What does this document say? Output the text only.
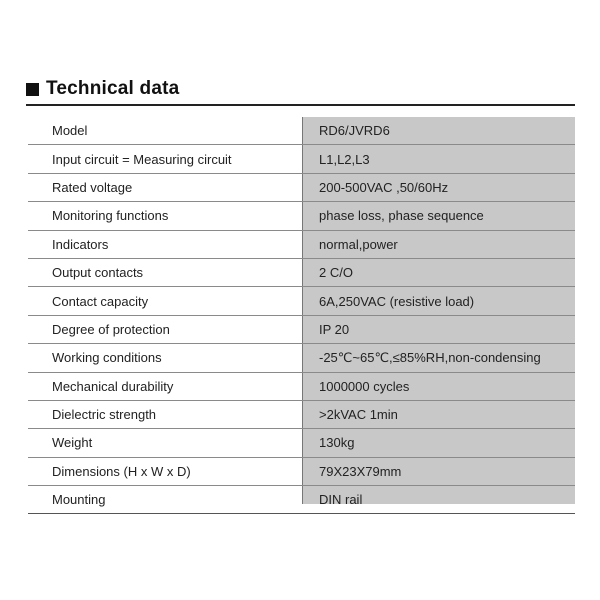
Technical data
Model	RD6/JVRD6
Input circuit = Measuring circuit	L1,L2,L3
Rated voltage	200-500VAC ,50/60Hz
Monitoring functions	phase loss, phase sequence
Indicators	normal,power
Output contacts	2 C/O
Contact capacity	6A,250VAC (resistive load)
Degree of protection	IP 20
Working conditions	-25℃~65℃,≤85%RH,non-condensing
Mechanical durability	1000000 cycles
Dielectric strength	>2kVAC 1min
Weight	130kg
Dimensions (H x W x D)	79X23X79mm
Mounting	DIN rail
